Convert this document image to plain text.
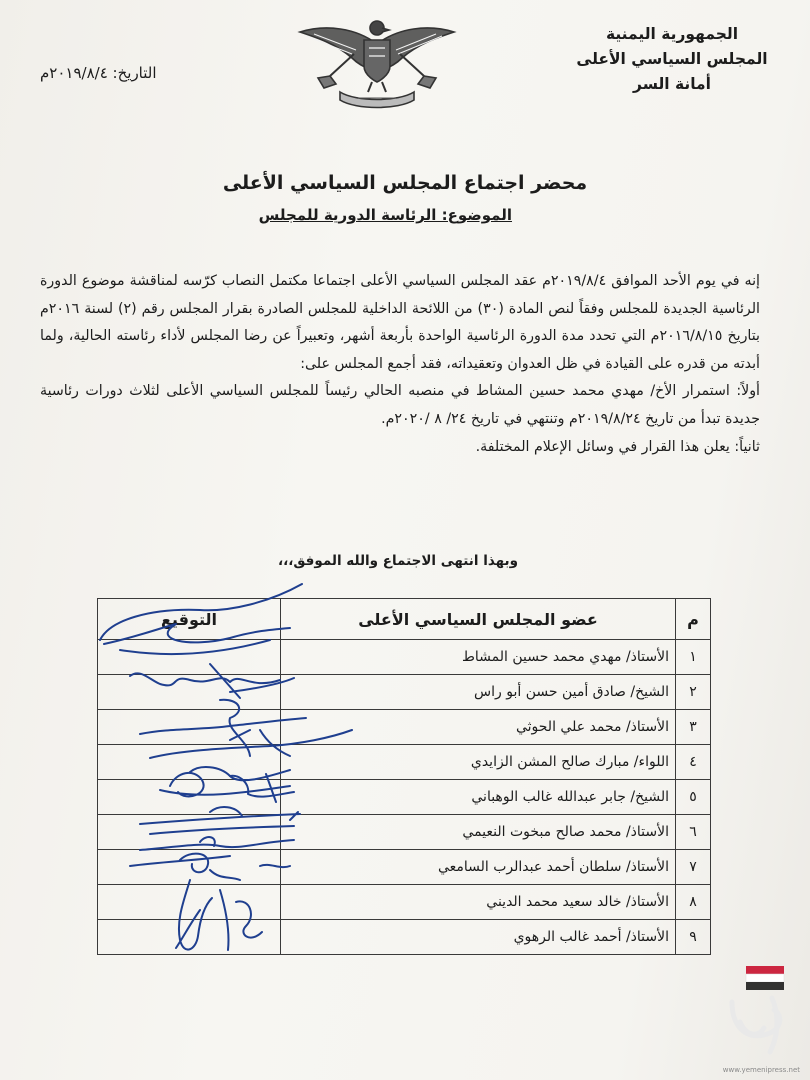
الجمهورية اليمنية
المجلس السياسي الأعلى
أمانة السر
التاريخ: ٢٠١٩/٨/٤م
محضر اجتماع المجلس السياسي الأعلى
الموضوع: الرئاسة الدورية للمجلس

إنه في يوم الأحد الموافق ٢٠١٩/٨/٤م عقد المجلس السياسي الأعلى اجتماعا مكتمل النصاب كرّسه لمناقشة موضوع الدورة الرئاسية الجديدة للمجلس وفقاً لنص المادة (٣٠) من اللائحة الداخلية للمجلس الصادرة بقرار المجلس رقم (٢) لسنة ٢٠١٦م بتاريخ ٢٠١٦/٨/١٥م التي تحدد مدة الدورة الرئاسية الواحدة بأربعة أشهر، وتعبيراً عن رضا المجلس لأداء رئاسته الحالية، ولما أبدته من قدره على القيادة في ظل العدوان وتعقيداته، فقد أجمع المجلس على:

أولاً: استمرار الأخ/ مهدي محمد حسين المشاط في منصبه الحالي رئيساً للمجلس السياسي الأعلى لثلاث دورات رئاسية جديدة تبدأ من تاريخ ٢٠١٩/٨/٢٤م وتنتهي في تاريخ ٢٤/ ٨ /٢٠٢٠م.

ثانياً: يعلن هذا القرار في وسائل الإعلام المختلفة.

وبهذا انتهى الاجتماع والله الموفق،،،
م	عضو المجلس السياسي الأعلى	التوقيع
١	الأستاذ/ مهدي محمد حسين المشاط	
٢	الشيخ/ صادق أمين حسن أبو راس	
٣	الأستاذ/ محمد علي الحوثي	
٤	اللواء/ مبارك صالح المشن الزايدي	
٥	الشيخ/ جابر عبدالله غالب الوهباني	
٦	الأستاذ/ محمد صالح مبخوت النعيمي	
٧	الأستاذ/ سلطان أحمد عبدالرب السامعي	
٨	الأستاذ/ خالد سعيد محمد الديني	
٩	الأستاذ/ أحمد غالب الرهوي	
www.yemenipress.net
